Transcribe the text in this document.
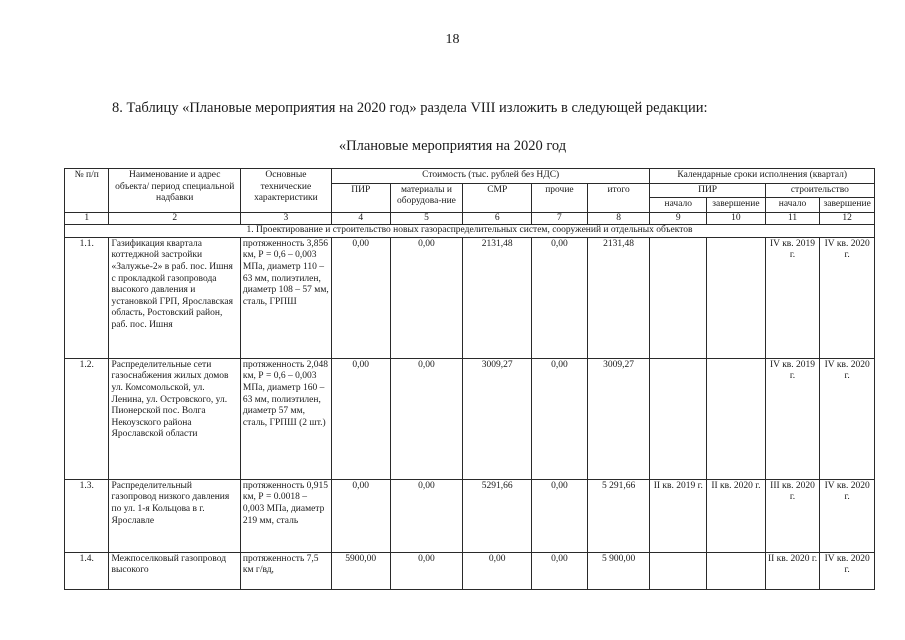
18
8. Таблицу «Плановые мероприятия на 2020 год» раздела VIII изложить в следующей редакции:
«Плановые мероприятия на 2020 год
№ п/п	Наименование и адрес объекта/ период специальной надбавки	Основные технические характеристики	Стоимость (тыс. рублей без НДС)					Календарные сроки исполнения (квартал)			
			ПИР	материалы и оборудова-ние	СМР	прочие	итого	ПИР		строительство	
								начало	завершение	начало	завершение
1	2	3	4	5	6	7	8	9	10	11	12
1. Проектирование и строительство новых газораспределительных систем, сооружений и отдельных объектов											
1.1.	Газификация квартала коттеджной застройки «Залужье-2» в раб. пос. Ишня с прокладкой газопровода высокого давления и установкой ГРП, Ярославская область, Ростовский район, раб. пос. Ишня	протяженность 3,856 км, Р = 0,6 – 0,003 МПа, диаметр 110 – 63 мм, полиэтилен, диаметр 108 – 57 мм, сталь, ГРПШ	0,00	0,00	2131,48	0,00	2131,48			IV кв. 2019 г.	IV кв. 2020 г.
1.2.	Распределительные сети газоснабжения жилых домов ул. Комсомольской, ул. Ленина, ул. Островского, ул. Пионерской пос. Волга Некоузского района Ярославской области	протяженность 2,048 км, Р = 0,6 – 0,003 МПа, диаметр 160 – 63 мм, полиэтилен, диаметр 57 мм, сталь, ГРПШ (2 шт.)	0,00	0,00	3009,27	0,00	3009,27			IV кв. 2019 г.	IV кв. 2020 г.
1.3.	Распределительный газопровод низкого давления по ул. 1-я Кольцова в г. Ярославле	протяженность 0,915 км, Р = 0.0018 – 0,003 МПа, диаметр 219 мм, сталь	0,00	0,00	5291,66	0,00	5 291,66	II кв. 2019 г.	II кв. 2020 г.	III кв. 2020 г.	IV кв. 2020 г.
1.4.	Межпоселковый газопровод высокого	протяженность 7,5 км г/вд,	5900,00	0,00	0,00	0,00	5 900,00			II кв. 2020 г.	IV кв. 2020 г.
